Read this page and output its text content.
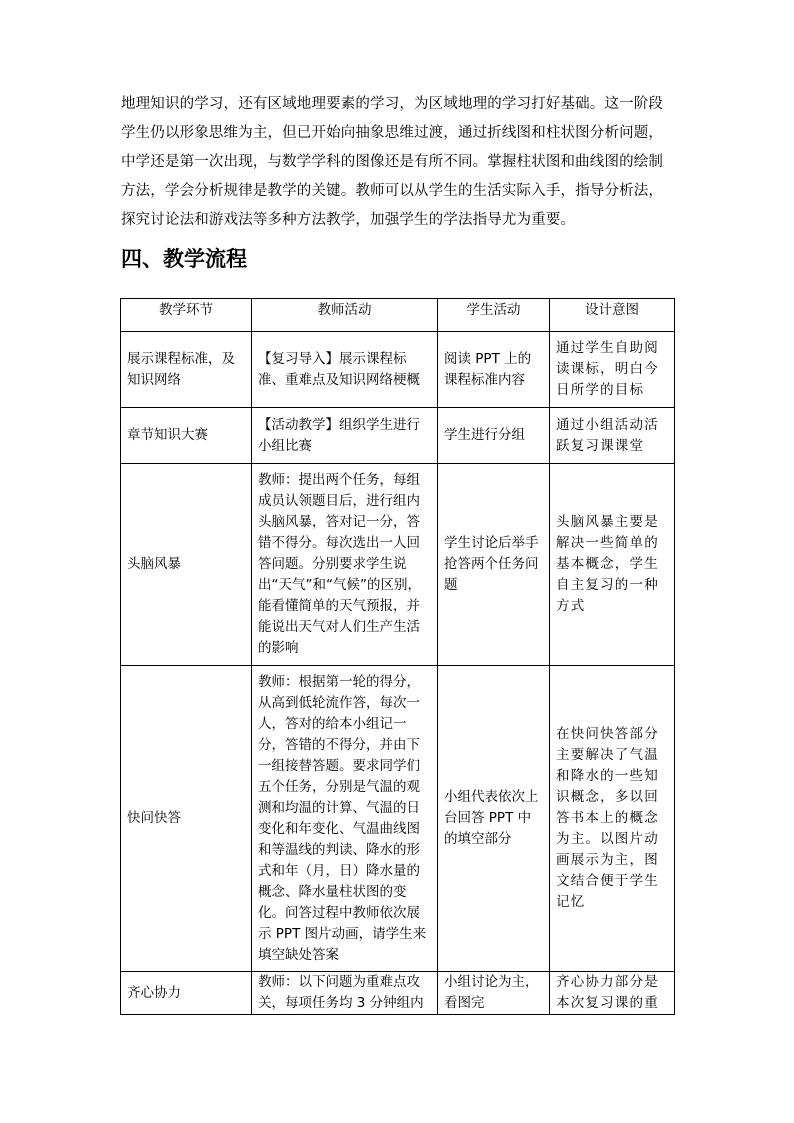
地理知识的学习，还有区域地理要素的学习，为区域地理的学习打好基础。这一阶段学生仍以形象思维为主，但已开始向抽象思维过渡，通过折线图和柱状图分析问题，中学还是第一次出现，与数学学科的图像还是有所不同。掌握柱状图和曲线图的绘制方法，学会分析规律是教学的关键。教师可以从学生的生活实际入手，指导分析法，探究讨论法和游戏法等多种方法教学，加强学生的学法指导尤为重要。

四、教学流程
教学环节	教师活动	学生活动	设计意图
展示课程标准，及知识网络	【复习导入】展示课程标准、重难点及知识网络梗概	阅读 PPT 上的课程标准内容	通过学生自助阅读课标，明白今日所学的目标
章节知识大赛	【活动教学】组织学生进行小组比赛	学生进行分组	通过小组活动活跃复习课课堂
头脑风暴	教师：提出两个任务，每组成员认领题目后，进行组内头脑风暴，答对记一分，答错不得分。每次选出一人回答问题。分别要求学生说出“天气”和“气候”的区别，能看懂简单的天气预报，并能说出天气对人们生产生活的影响	学生讨论后举手抢答两个任务问题	头脑风暴主要是解决一些简单的基本概念，学生自主复习的一种方式
快问快答	教师：根据第一轮的得分，从高到低轮流作答，每次一人，答对的给本小组记一分，答错的不得分，并由下一组接替答题。要求同学们五个任务，分别是气温的观测和均温的计算、气温的日变化和年变化、气温曲线图和等温线的判读、降水的形式和年（月，日）降水量的概念、降水量柱状图的变化。问答过程中教师依次展示 PPT 图片动画，请学生来填空缺处答案	小组代表依次上台回答 PPT 中的填空部分	在快问快答部分主要解决了气温和降水的一些知识概念，多以回答书本上的概念为主。以图片动画展示为主，图文结合便于学生记忆
齐心协力	教师：以下问题为重难点攻关，每项任务均 3 分钟组内	小组讨论为主，看图完	齐心协力部分是本次复习课的重
